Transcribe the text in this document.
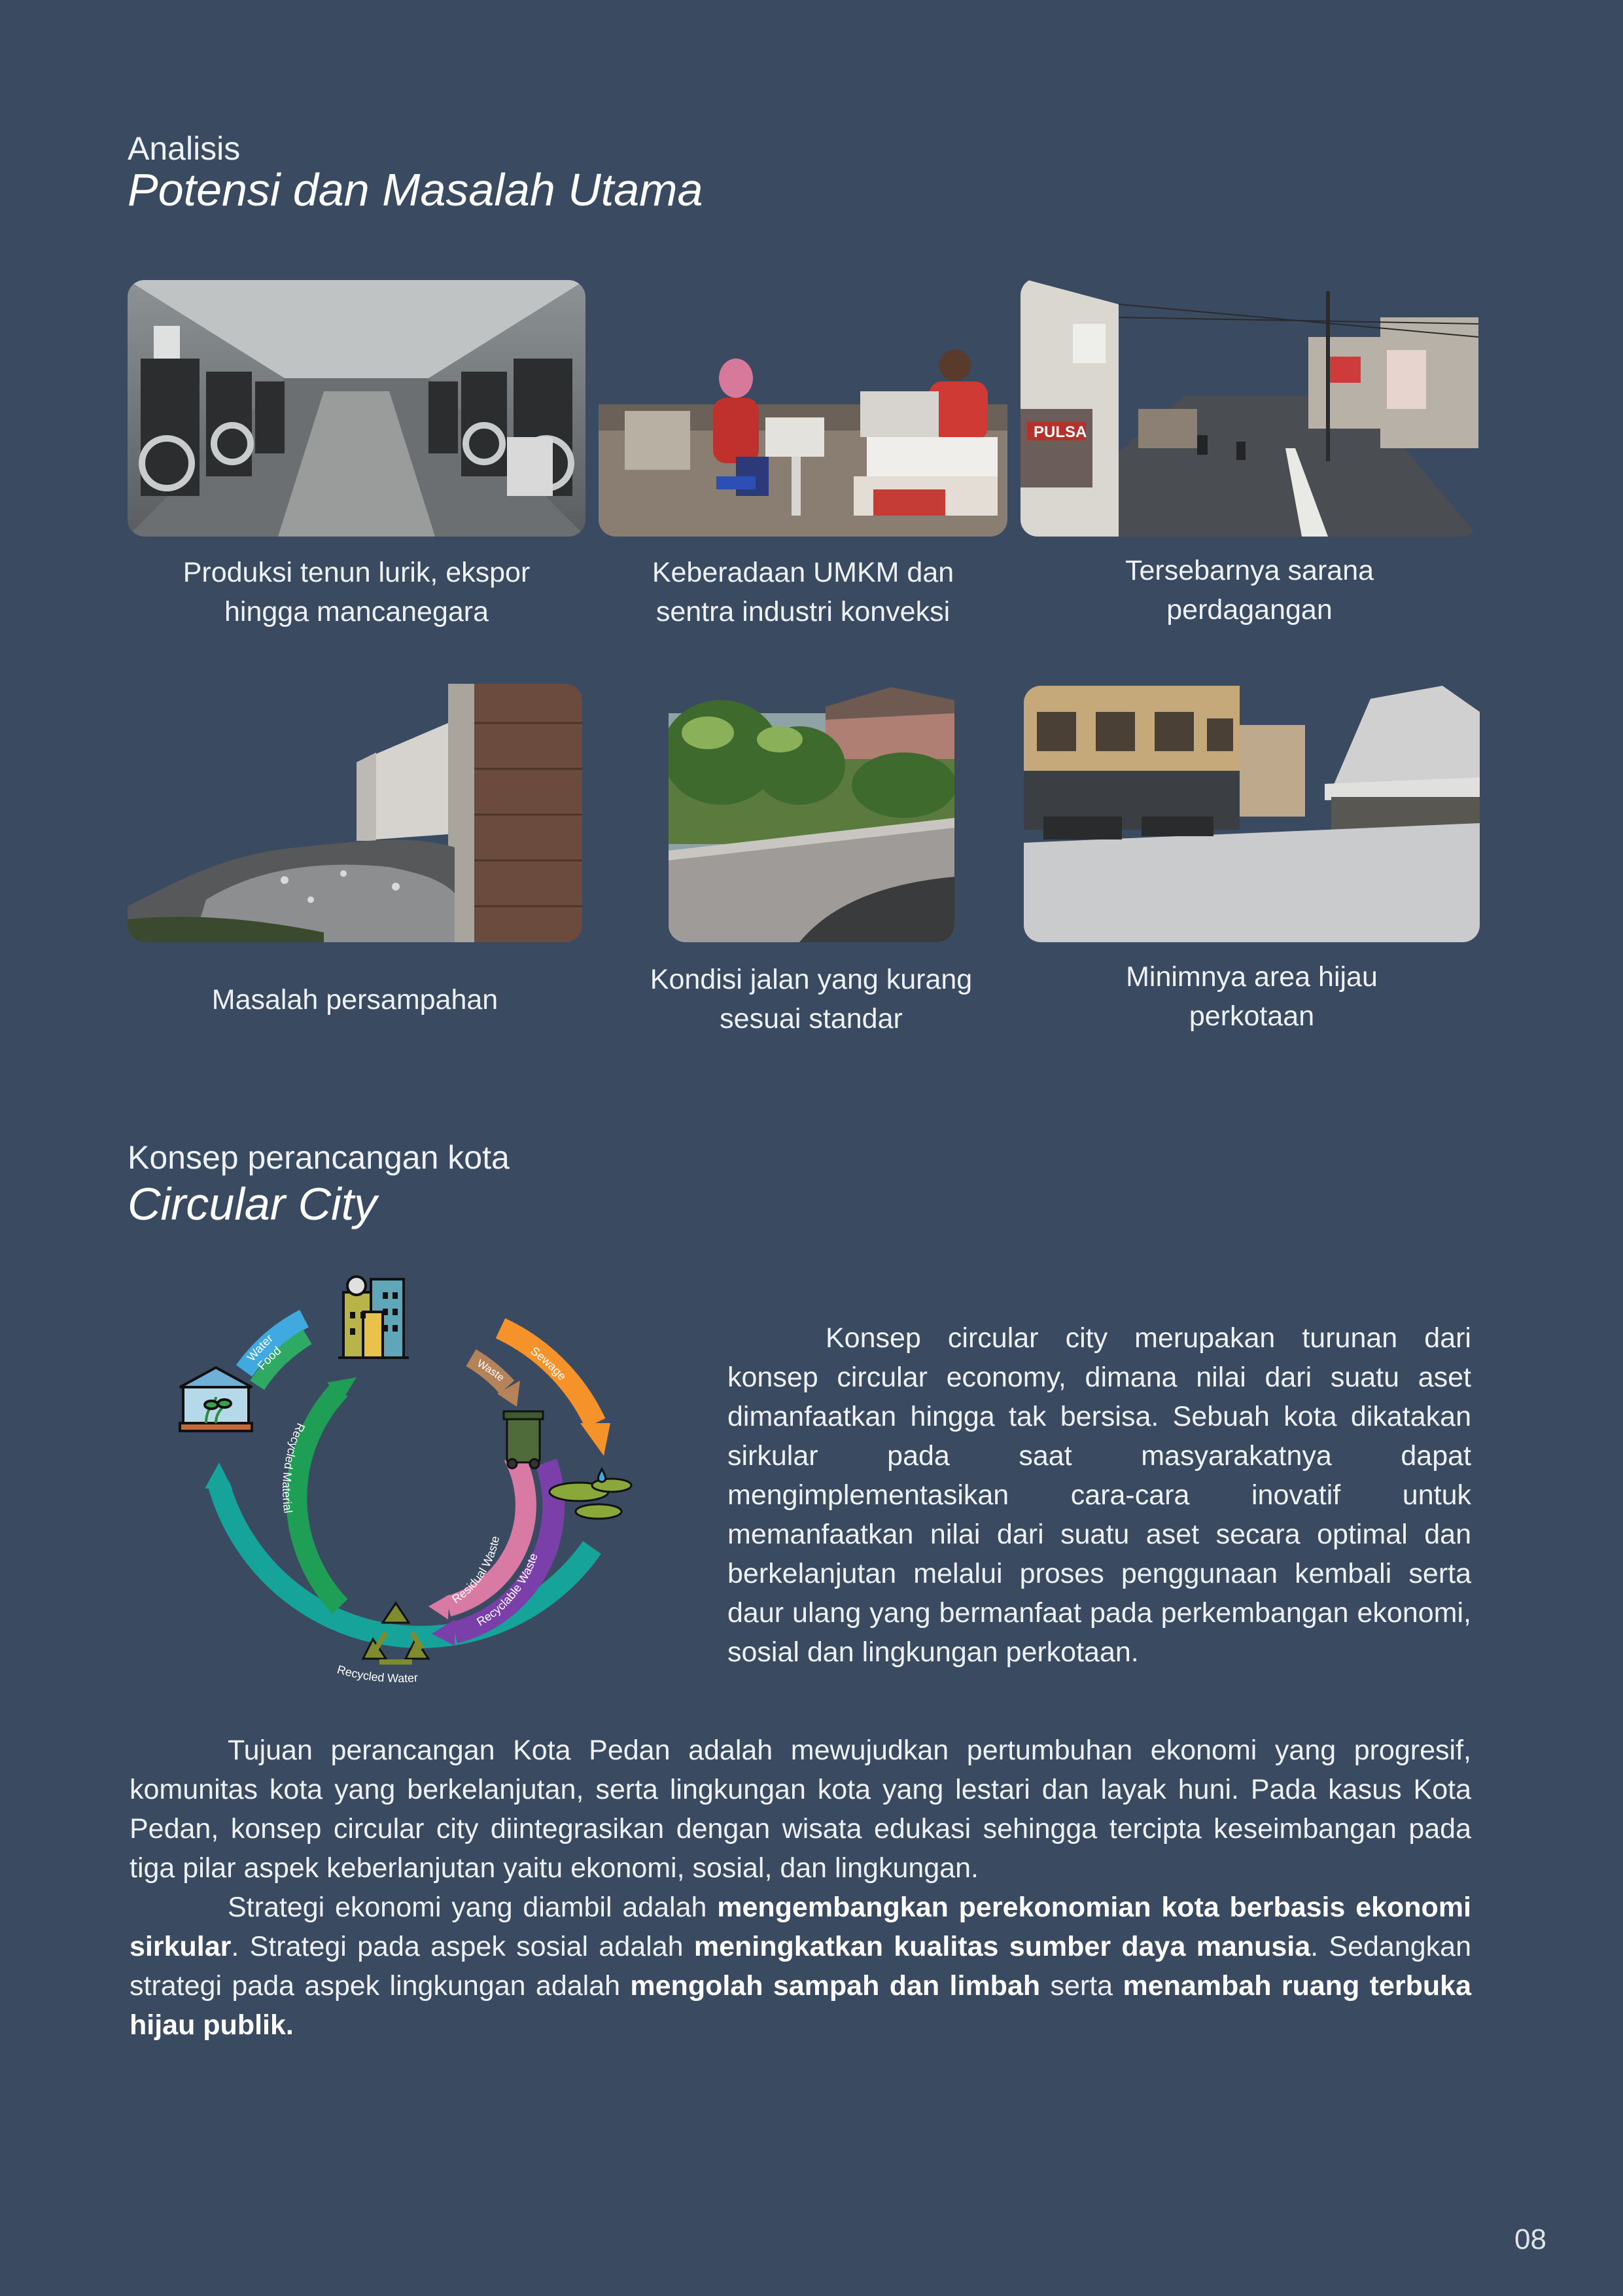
Analisis
Potensi dan Masalah Utama
PULSA
Produksi tenun lurik, ekspor
hingga mancanegara
Keberadaan UMKM dan
sentra industri konveksi
Tersebarnya sarana
perdagangan
Masalah persampahan
Kondisi jalan yang kurang
sesuai standar
Minimnya area hijau
perkotaan
Konsep perancangan kota
Circular City
Water
Food	Sewage
Waste
Recycled Material
Residual Waste
Recyclable Waste
Recycled Water
Konsep circular city merupakan turunan dari konsep circular economy, dimana nilai dari suatu aset dimanfaatkan hingga tak bersisa. Sebuah kota dikatakan sirkular pada saat masyarakatnya dapat mengimplementasikan cara-cara inovatif untuk memanfaatkan nilai dari suatu aset secara optimal dan berkelanjutan melalui proses penggunaan kembali serta daur ulang yang bermanfaat pada perkembangan ekonomi, sosial dan lingkungan perkotaan.
Tujuan perancangan Kota Pedan adalah mewujudkan pertumbuhan ekonomi yang progresif, komunitas kota yang berkelanjutan, serta lingkungan kota yang lestari dan layak huni. Pada kasus Kota Pedan, konsep circular city diintegrasikan dengan wisata edukasi sehingga tercipta keseimbangan pada tiga pilar aspek keberlanjutan yaitu ekonomi, sosial, dan lingkungan.
Strategi ekonomi yang diambil adalah mengembangkan perekonomian kota berbasis ekonomi sirkular. Strategi pada aspek sosial adalah meningkatkan kualitas sumber daya manusia. Sedangkan strategi pada aspek lingkungan adalah mengolah sampah dan limbah serta menambah ruang terbuka hijau publik.
08
